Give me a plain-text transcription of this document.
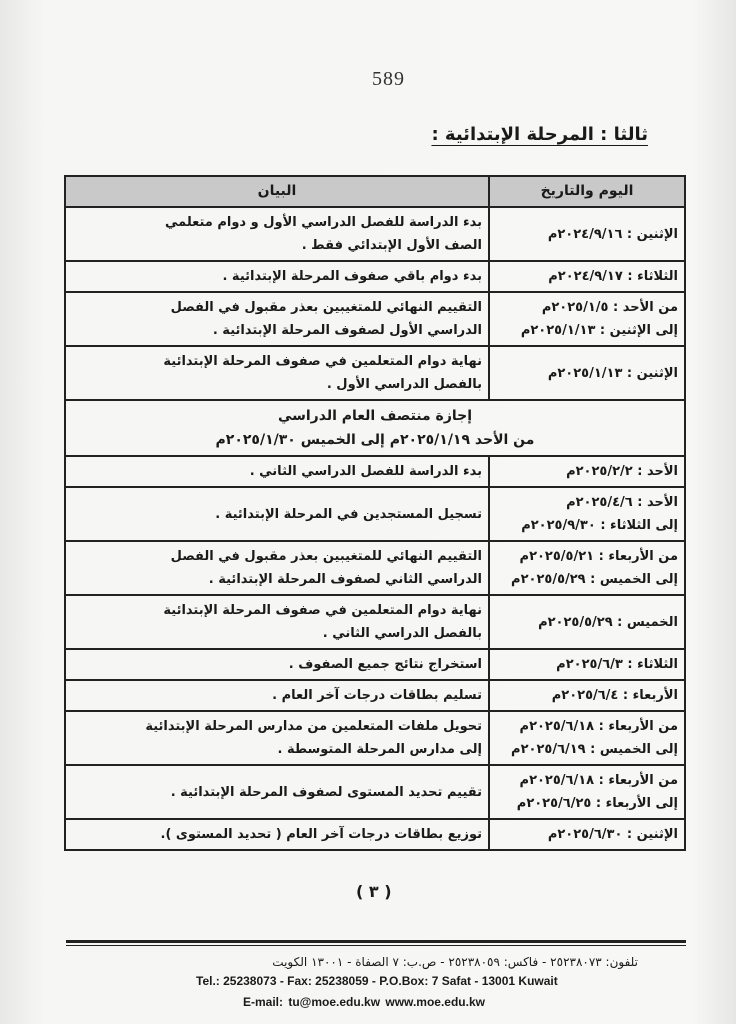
589
ثالثا : المرحلة الإبتدائية :
اليوم والتاريخ	البيان

الإثنين : ٢٠٢٤/٩/١٦م	بدء الدراسة للفصل الدراسي الأول و دوام متعلمي
الصف الأول الإبتدائي فقط .

الثلاثاء : ٢٠٢٤/٩/١٧م	بدء دوام باقي صفوف المرحلة الإبتدائية .

من الأحد : ٢٠٢٥/١/٥م
إلى الإثنين : ٢٠٢٥/١/١٣م	التقييم النهائي للمتغيبين بعذر مقبول في الفصل
الدراسي الأول لصفوف المرحلة الإبتدائية .

الإثنين : ٢٠٢٥/١/١٣م	نهاية دوام المتعلمين في صفوف المرحلة الإبتدائية
بالفصل الدراسي الأول .

إجازة منتصف العام الدراسي
من الأحد ٢٠٢٥/١/١٩م إلى الخميس ٢٠٢٥/١/٣٠م	

الأحد : ٢٠٢٥/٢/٢م	بدء الدراسة للفصل الدراسي الثاني .

الأحد : ٢٠٢٥/٤/٦م
إلى الثلاثاء : ٢٠٢٥/٩/٣٠م	تسجيل المستجدين في المرحلة الإبتدائية .

من الأربعاء : ٢٠٢٥/٥/٢١م
إلى الخميس : ٢٠٢٥/٥/٢٩م	التقييم النهائي للمتغيبين بعذر مقبول في الفصل
الدراسي الثاني لصفوف المرحلة الإبتدائية .

الخميس : ٢٠٢٥/٥/٢٩م	نهاية دوام المتعلمين في صفوف المرحلة الإبتدائية
بالفصل الدراسي الثاني .

الثلاثاء : ٢٠٢٥/٦/٣م	استخراج نتائج جميع الصفوف .

الأربعاء : ٢٠٢٥/٦/٤م	تسليم بطاقات درجات آخر العام .

من الأربعاء : ٢٠٢٥/٦/١٨م
إلى الخميس : ٢٠٢٥/٦/١٩م	تحويل ملفات المتعلمين من مدارس المرحلة الإبتدائية
إلى مدارس المرحلة المتوسطة .

من الأربعاء : ٢٠٢٥/٦/١٨م
إلى الأربعاء : ٢٠٢٥/٦/٢٥م	تقييم تحديد المستوى لصفوف المرحلة الإبتدائية .

الإثنين : ٢٠٢٥/٦/٣٠م	توزيع بطاقات درجات آخر العام ( تحديد المستوى ).
( ٣ )
تلفون: ٢٥٢٣٨٠٧٣ - فاكس: ٢٥٢٣٨٠٥٩ - ص.ب: ٧ الصفاة - ١٣٠٠١ الكويت
Tel.: 25238073 - Fax: 25238059 - P.O.Box: 7 Safat - 13001 Kuwait
E-mail: tu@moe.edu.kw www.moe.edu.kw
